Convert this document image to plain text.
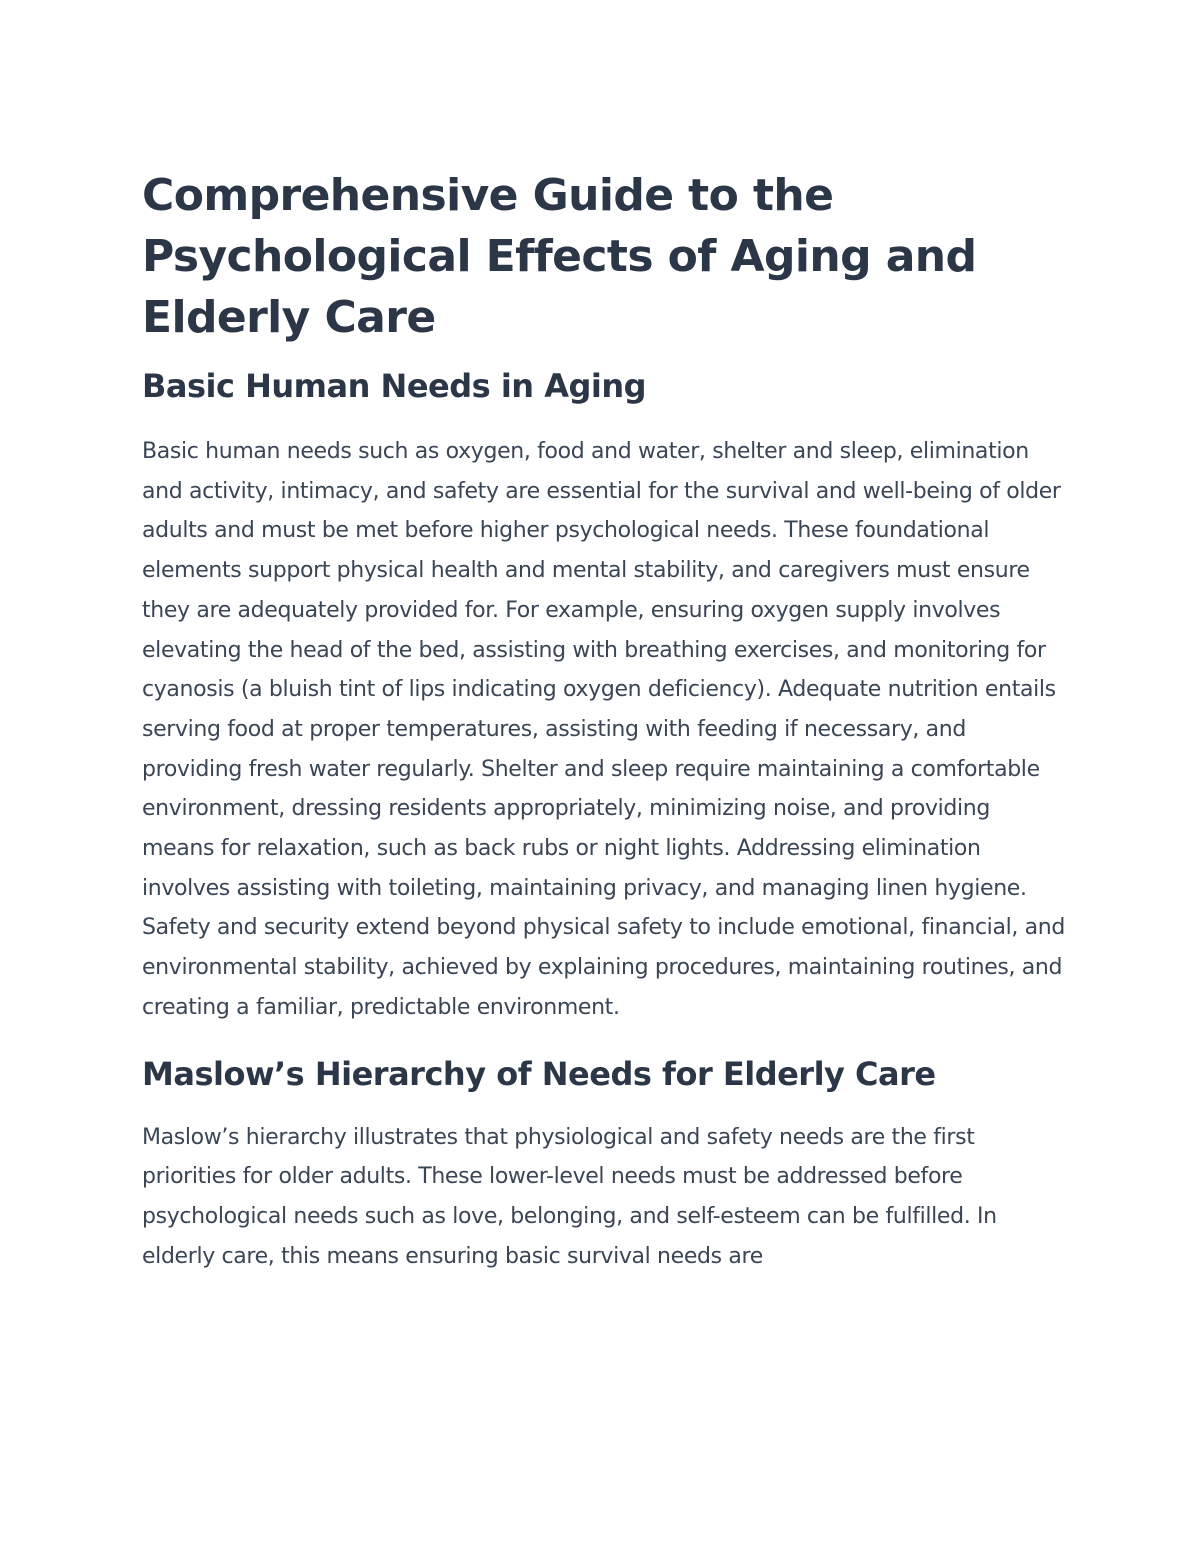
Comprehensive Guide to the Psychological Effects of Aging and Elderly Care
Basic Human Needs in Aging

Basic human needs such as oxygen, food and water, shelter and sleep, elimination and activity, intimacy, and safety are essential for the survival and well-being of older adults and must be met before higher psychological needs. These foundational elements support physical health and mental stability, and caregivers must ensure they are adequately provided for. For example, ensuring oxygen supply involves elevating the head of the bed, assisting with breathing exercises, and monitoring for cyanosis (a bluish tint of lips indicating oxygen deficiency). Adequate nutrition entails serving food at proper temperatures, assisting with feeding if necessary, and providing fresh water regularly. Shelter and sleep require maintaining a comfortable environment, dressing residents appropriately, minimizing noise, and providing means for relaxation, such as back rubs or night lights. Addressing elimination involves assisting with toileting, maintaining privacy, and managing linen hygiene. Safety and security extend beyond physical safety to include emotional, financial, and environmental stability, achieved by explaining procedures, maintaining routines, and creating a familiar, predictable environment.

Maslow’s Hierarchy of Needs for Elderly Care

Maslow’s hierarchy illustrates that physiological and safety needs are the first priorities for older adults. These lower-level needs must be addressed before psychological needs such as love, belonging, and self-esteem can be fulfilled. In elderly care, this means ensuring basic survival needs are
